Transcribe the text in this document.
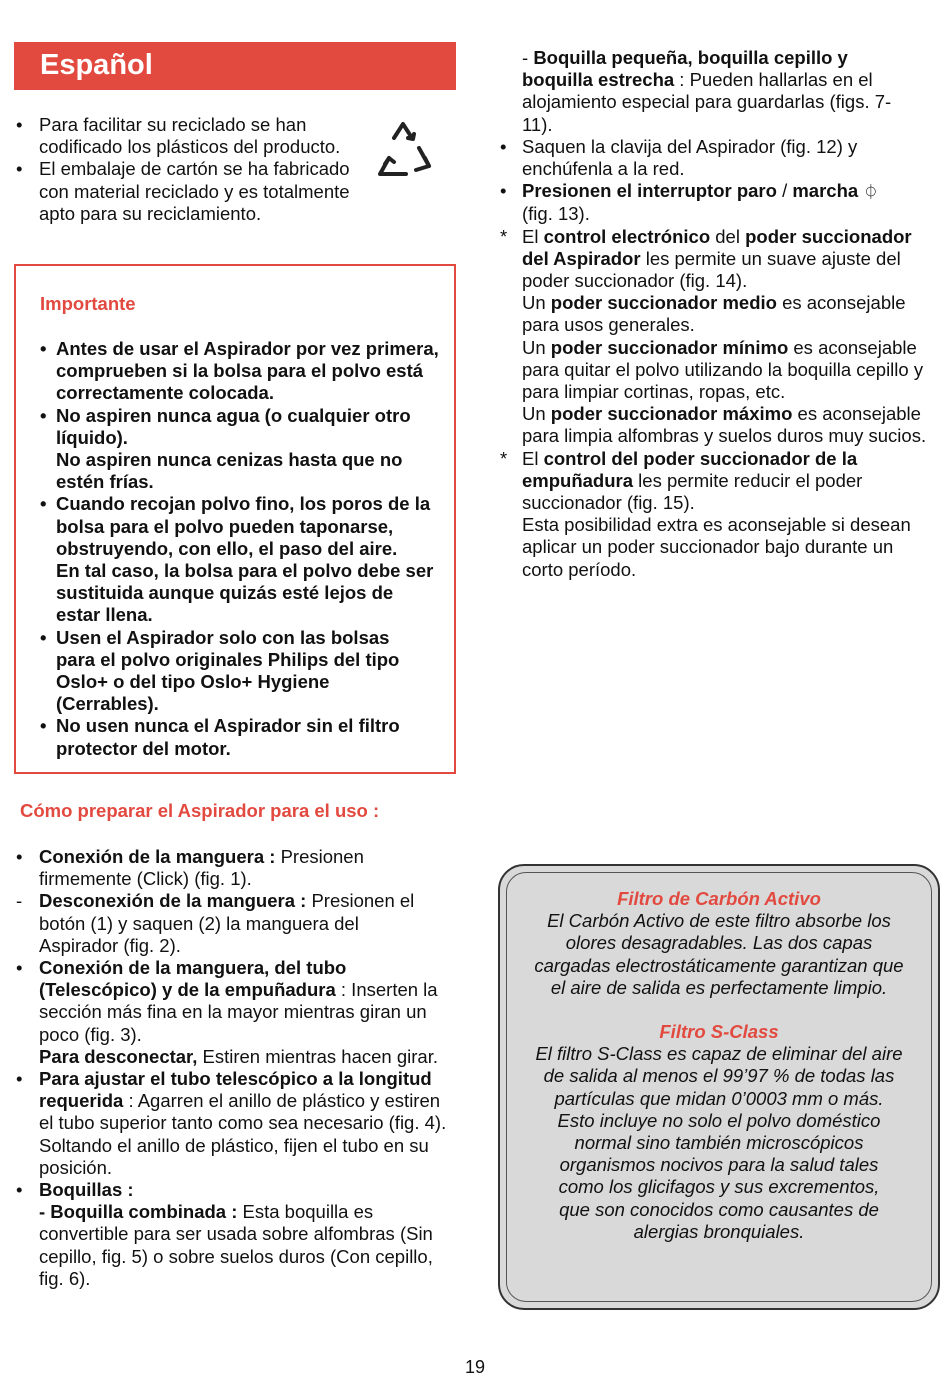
Español
• Para facilitar su reciclado se han codificado los plásticos del producto.
• El embalaje de cartón se ha fabricado con material reciclado y es totalmente apto para su reciclamiento.
Importante
• Antes de usar el Aspirador por vez primera, comprueben si la bolsa para el polvo está correctamente colocada.
• No aspiren nunca agua (o cualquier otro líquido).
No aspiren nunca cenizas hasta que no estén frías.
• Cuando recojan polvo fino, los poros de la bolsa para el polvo pueden taponarse, obstruyendo, con ello, el paso del aire.
En tal caso, la bolsa para el polvo debe ser sustituida aunque quizás esté lejos de estar llena.
• Usen el Aspirador solo con las bolsas para el polvo originales Philips del tipo Oslo+ o del tipo Oslo+ Hygiene (Cerrables).
• No usen nunca el Aspirador sin el filtro protector del motor.
Cómo preparar el Aspirador para el uso :
• Conexión de la manguera : Presionen firmemente (Click) (fig. 1).
- Desconexión de la manguera : Presionen el botón (1) y saquen (2) la manguera del Aspirador (fig. 2).
• Conexión de la manguera, del tubo (Telescópico) y de la empuñadura : Inserten la sección más fina en la mayor mientras giran un poco (fig. 3).
Para desconectar, Estiren mientras hacen girar.
• Para ajustar el tubo telescópico a la longitud requerida : Agarren el anillo de plástico y estiren el tubo superior tanto como sea necesario (fig. 4). Soltando el anillo de plástico, fijen el tubo en su posición.
• Boquillas :
- Boquilla combinada : Esta boquilla es convertible para ser usada sobre alfombras (Sin cepillo, fig. 5) o sobre suelos duros (Con cepillo, fig. 6).
- Boquilla pequeña, boquilla cepillo y boquilla estrecha : Pueden hallarlas en el alojamiento especial para guardarlas (figs. 7-11).
• Saquen la clavija del Aspirador (fig. 12) y enchúfenla a la red.
• Presionen el interruptor paro / marcha ⏀
(fig. 13).
* El control electrónico del poder succionador del Aspirador les permite un suave ajuste del poder succionador (fig. 14).
Un poder succionador medio es aconsejable para usos generales.
Un poder succionador mínimo es aconsejable para quitar el polvo utilizando la boquilla cepillo y para limpiar cortinas, ropas, etc.
Un poder succionador máximo es aconsejable para limpia alfombras y suelos duros muy sucios.
* El control del poder succionador de la empuñadura les permite reducir el poder succionador (fig. 15).
Esta posibilidad extra es aconsejable si desean aplicar un poder succionador bajo durante un corto período.
Filtro de Carbón Activo
El Carbón Activo de este filtro absorbe los olores desagradables. Las dos capas cargadas electrostáticamente garantizan que el aire de salida es perfectamente limpio.
Filtro S-Class
El filtro S-Class es capaz de eliminar del aire de salida al menos el 99’97 % de todas las partículas que midan 0’0003 mm o más.
Esto incluye no solo el polvo doméstico normal sino también microscópicos organismos nocivos para la salud tales como los glicifagos y sus excrementos, que son conocidos como causantes de alergias bronquiales.
19
